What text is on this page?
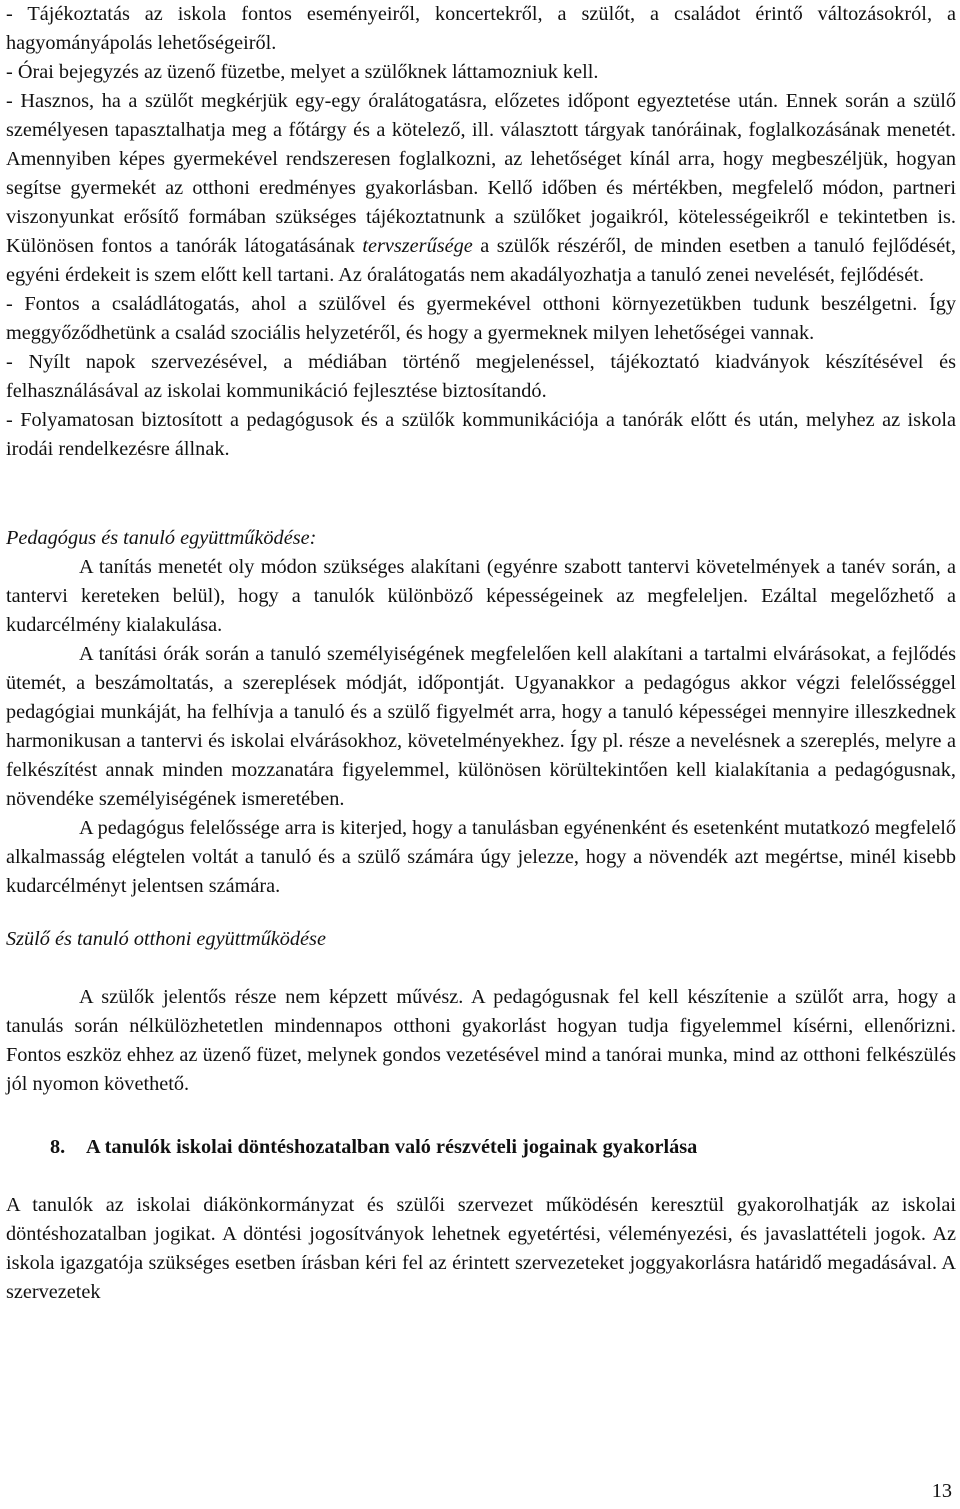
- Tájékoztatás az iskola fontos eseményeiről, koncertekről, a szülőt, a családot érintő változásokról, a hagyományápolás lehetőségeiről.

- Órai bejegyzés az üzenő füzetbe, melyet a szülőknek láttamozniuk kell.

- Hasznos, ha a szülőt megkérjük egy-egy óralátogatásra, előzetes időpont egyeztetése után. Ennek során a szülő személyesen tapasztalhatja meg a főtárgy és a kötelező, ill. választott tárgyak tanóráinak, foglalkozásának menetét. Amennyiben képes gyermekével rendszeresen foglalkozni, az lehetőséget kínál arra, hogy megbeszéljük, hogyan segítse gyermekét az otthoni eredményes gyakorlásban. Kellő időben és mértékben, megfelelő módon, partneri viszonyunkat erősítő formában szükséges tájékoztatnunk a szülőket jogaikról, kötelességeikről e tekintetben is. Különösen fontos a tanórák látogatásának tervszerűsége a szülők részéről, de minden esetben a tanuló fejlődését, egyéni érdekeit is szem előtt kell tartani. Az óralátogatás nem akadályozhatja a tanuló zenei nevelését, fejlődését.

- Fontos a családlátogatás, ahol a szülővel és gyermekével otthoni környezetükben tudunk beszélgetni. Így meggyőződhetünk a család szociális helyzetéről, és hogy a gyermeknek milyen lehetőségei vannak.

- Nyílt napok szervezésével, a médiában történő megjelenéssel, tájékoztató kiadványok készítésével és felhasználásával az iskolai kommunikáció fejlesztése biztosítandó.

- Folyamatosan biztosított a pedagógusok és a szülők kommunikációja a tanórák előtt és után, melyhez az iskola irodái rendelkezésre állnak.

Pedagógus és tanuló együttműködése:

A tanítás menetét oly módon szükséges alakítani (egyénre szabott tantervi követelmények a tanév során, a tantervi kereteken belül), hogy a tanulók különböző képességeinek az megfeleljen. Ezáltal megelőzhető a kudarcélmény kialakulása.

A tanítási órák során a tanuló személyiségének megfelelően kell alakítani a tartalmi elvárásokat, a fejlődés ütemét, a beszámoltatás, a szereplések módját, időpontját. Ugyanakkor a pedagógus akkor végzi felelősséggel pedagógiai munkáját, ha felhívja a tanuló és a szülő figyelmét arra, hogy a tanuló képességei mennyire illeszkednek harmonikusan a tantervi és iskolai elvárásokhoz, követelményekhez. Így pl. része a nevelésnek a szereplés, melyre a felkészítést annak minden mozzanatára figyelemmel, különösen körültekintően kell kialakítania a pedagógusnak, növendéke személyiségének ismeretében.

A pedagógus felelőssége arra is kiterjed, hogy a tanulásban egyénenként és esetenként mutatkozó megfelelő alkalmasság elégtelen voltát a tanuló és a szülő számára úgy jelezze, hogy a növendék azt megértse, minél kisebb kudarcélményt jelentsen számára.

Szülő és tanuló otthoni együttműködése

A szülők jelentős része nem képzett művész. A pedagógusnak fel kell készítenie a szülőt arra, hogy a tanulás során nélkülözhetetlen mindennapos otthoni gyakorlást hogyan tudja figyelemmel kísérni, ellenőrizni. Fontos eszköz ehhez az üzenő füzet, melynek gondos vezetésével mind a tanórai munka, mind az otthoni felkészülés jól nyomon követhető.

8. A tanulók iskolai döntéshozatalban való részvételi jogainak gyakorlása

A tanulók az iskolai diákönkormányzat és szülői szervezet működésén keresztül gyakorolhatják az iskolai döntéshozatalban jogikat. A döntési jogosítványok lehetnek egyetértési, véleményezési, és javaslattételi jogok. Az iskola igazgatója szükséges esetben írásban kéri fel az érintett szervezeteket joggyakorlásra határidő megadásával. A szervezetek

13
